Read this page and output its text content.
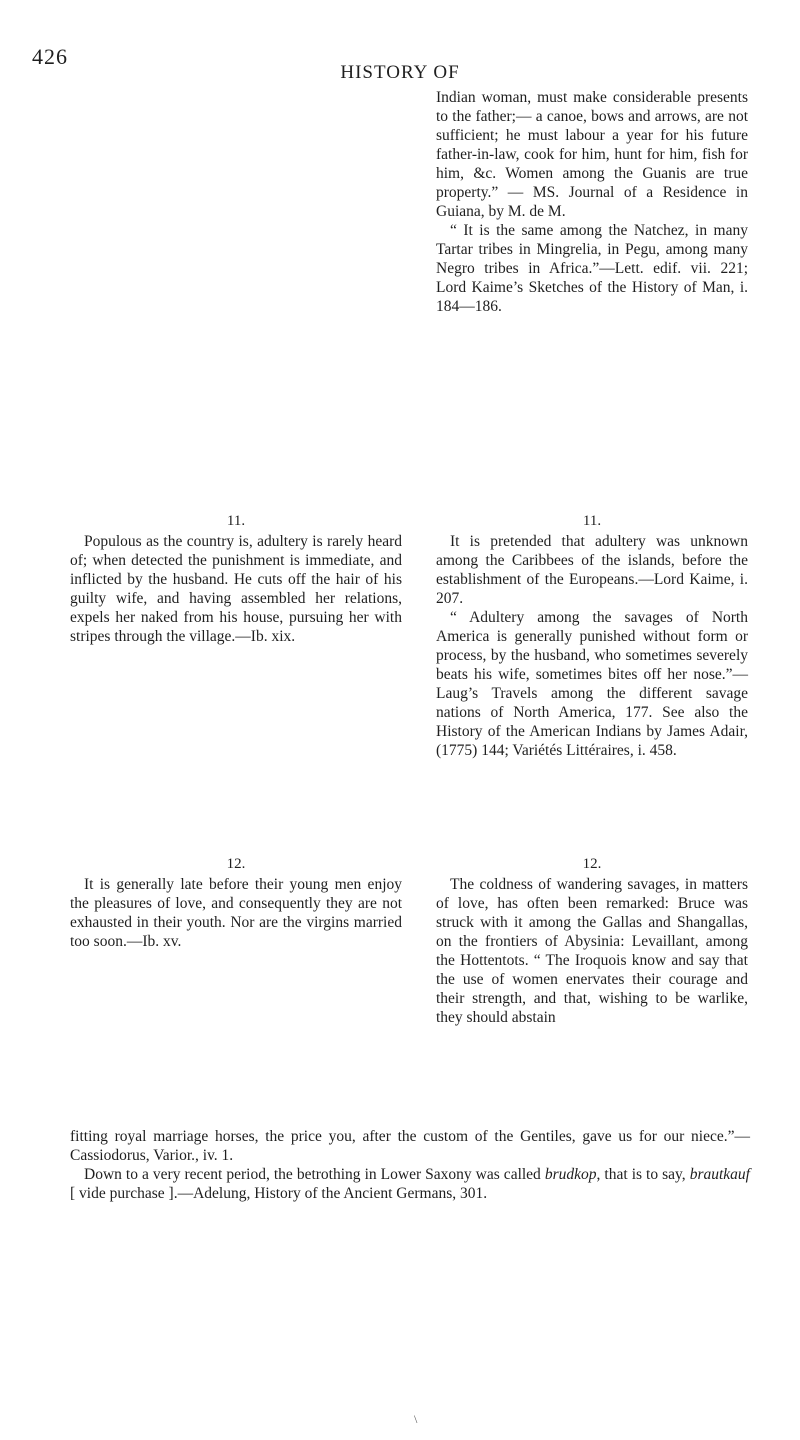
426
HISTORY OF

Indian woman, must make considerable presents to the father;— a canoe, bows and arrows, are not sufficient; he must labour a year for his future father-in-law, cook for him, hunt for him, fish for him, &c. Women among the Guanis are true property.” — MS. Journal of a Residence in Guiana, by M. de M.

“ It is the same among the Natchez, in many Tartar tribes in Mingrelia, in Pegu, among many Negro tribes in Africa.”—Lett. edif. vii. 221; Lord Kaime’s Sketches of the History of Man, i. 184—186.

11.

Populous as the country is, adultery is rarely heard of; when detected the punishment is immediate, and inflicted by the husband. He cuts off the hair of his guilty wife, and having assembled her relations, expels her naked from his house, pursuing her with stripes through the village.—Ib. xix.

11.

It is pretended that adultery was unknown among the Caribbees of the islands, before the establishment of the Europeans.—Lord Kaime, i. 207.

“ Adultery among the savages of North America is generally punished without form or process, by the husband, who sometimes severely beats his wife, sometimes bites off her nose.”—Laug’s Travels among the different savage nations of North America, 177. See also the History of the American Indians by James Adair, (1775) 144; Variétés Littéraires, i. 458.

12.

It is generally late before their young men enjoy the pleasures of love, and consequently they are not exhausted in their youth. Nor are the virgins married too soon.—Ib. xv.

12.

The coldness of wandering savages, in matters of love, has often been remarked: Bruce was struck with it among the Gallas and Shangallas, on the frontiers of Abysinia: Levaillant, among the Hottentots. “ The Iroquois know and say that the use of women enervates their courage and their strength, and that, wishing to be warlike, they should abstain

fitting royal marriage horses, the price you, after the custom of the Gentiles, gave us for our niece.”—Cassiodorus, Varior., iv. 1.

Down to a very recent period, the betrothing in Lower Saxony was called brudkop, that is to say, brautkauf [ vide purchase ].—Adelung, History of the Ancient Germans, 301.

\
